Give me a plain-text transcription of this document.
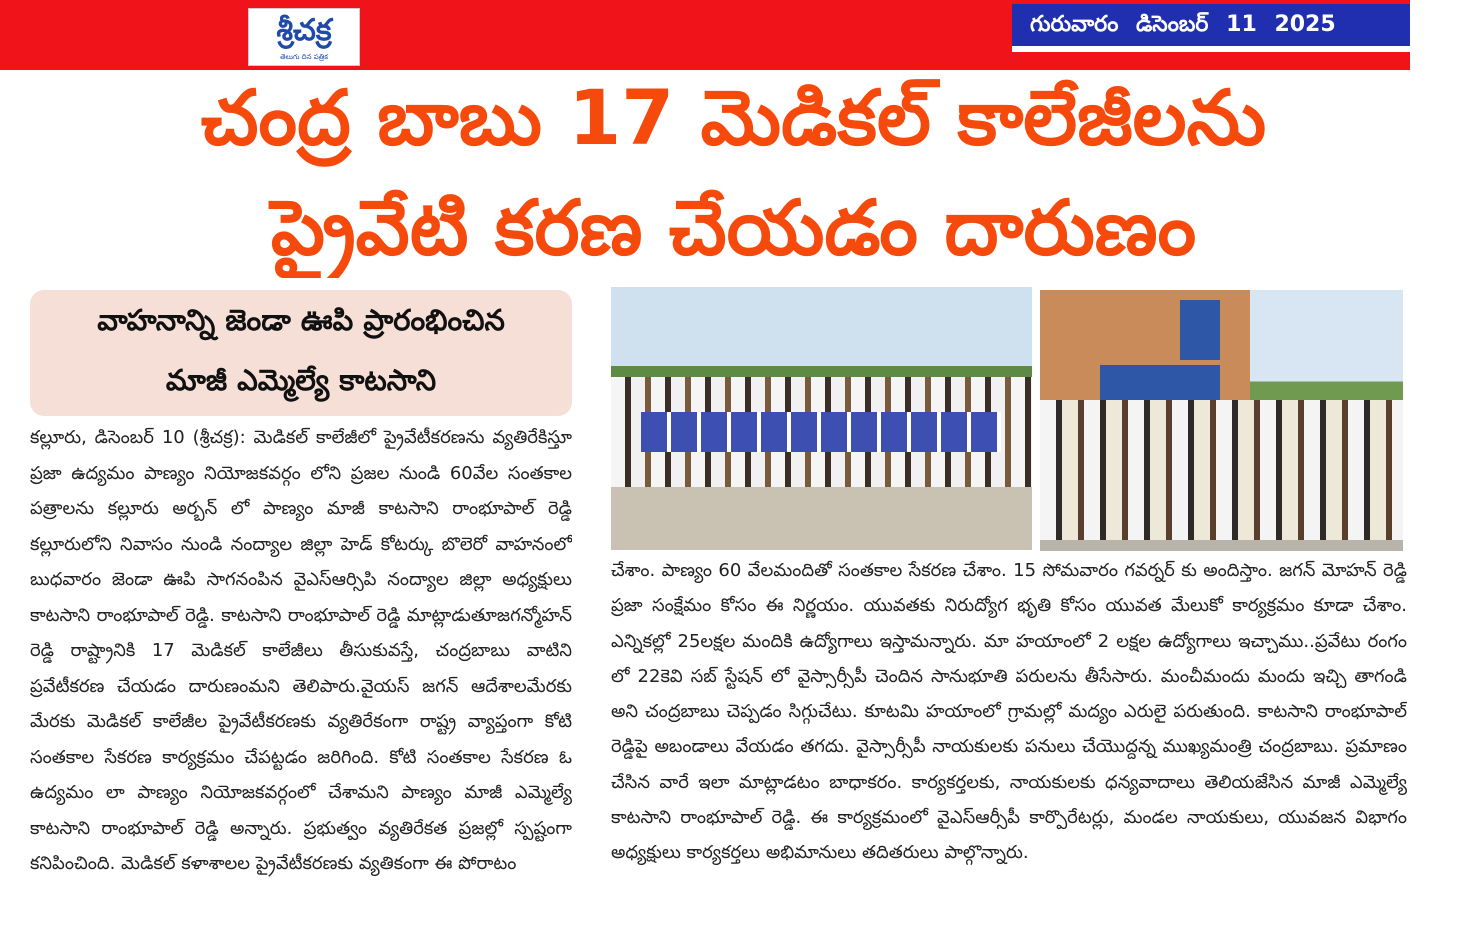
శ్రీచక్ర
తెలుగు దిన పత్రిక
గురువారం డిసెంబర్ 11 2025
చంద్ర బాబు 17 మెడికల్ కాలేజీలను
ప్రైవేటి కరణ చేయడం దారుణం
వాహనాన్ని జెండా ఊపి ప్రారంభించిన
మాజీ ఎమ్మెల్యే కాటసాని

కల్లూరు, డిసెంబర్ 10 (శ్రీచక్ర): మెడికల్ కాలేజీలో ప్రైవేటీకరణను వ్యతిరేకిస్తూ ప్రజా ఉద్యమం పాణ్యం నియోజకవర్గం లోని ప్రజల నుండి 60వేల సంతకాల పత్రాలను కల్లూరు అర్బన్ లో పాణ్యం మాజీ కాటసాని రాంభూపాల్ రెడ్డి కల్లూరులోని నివాసం నుండి నంద్యాల జిల్లా హెడ్ కోటర్కు బొలెరో వాహనంలో బుధవారం జెండా ఊపి సాగనంపిన వైఎస్ఆర్సిపి నంద్యాల జిల్లా అధ్యక్షులు కాటసాని రాంభూపాల్ రెడ్డి. కాటసాని రాంభూపాల్ రెడ్డి మాట్లాడుతూజగన్మోహన్ రెడ్డి రాష్ట్రానికి 17 మెడికల్ కాలేజీలు తీసుకువస్తే, చంద్రబాబు వాటిని ప్రవేటీకరణ చేయడం దారుణంమని తెలిపారు.వైయస్ జగన్ ఆదేశాలమేరకు మేరకు మెడికల్ కాలేజీల ప్రైవేటీకరణకు వ్యతిరేకంగా రాష్ట్ర వ్యాప్తంగా కోటి సంతకాల సేకరణ కార్యక్రమం చేపట్టడం జరిగింది. కోటి సంతకాల సేకరణ ఓ ఉద్యమం లా పాణ్యం నియోజకవర్గంలో చేశామని పాణ్యం మాజీ ఎమ్మెల్యే కాటసాని రాంభూపాల్ రెడ్డి అన్నారు. ప్రభుత్వం వ్యతిరేకత ప్రజల్లో స్పష్టంగా కనిపించింది. మెడికల్ కళాశాలల ప్రైవేటీకరణకు వ్యతికంగా ఈ పోరాటం

చేశాం. పాణ్యం 60 వేలమందితో సంతకాల సేకరణ చేశాం. 15 సోమవారం గవర్నర్ కు అందిస్తాం. జగన్ మోహన్ రెడ్డి ప్రజా సంక్షేమం కోసం ఈ నిర్ణయం. యువతకు నిరుద్యోగ భృతి కోసం యువత మేలుకో కార్యక్రమం కూడా చేశాం. ఎన్నికల్లో 25లక్షల మందికి ఉద్యోగాలు ఇస్తామన్నారు. మా హయాంలో 2 లక్షల ఉద్యోగాలు ఇచ్చాము..ప్రవేటు రంగం లో 22కెవి సబ్ స్టేషన్ లో వైస్సార్సీపీ చెందిన సానుభూతి పరులను తీసేసారు. మంచీమందు మందు ఇచ్చి తాగండి అని చంద్రబాబు చెప్పడం సిగ్గుచేటు. కూటమి హయాంలో గ్రామల్లో మద్యం ఎరులై పరుతుంది. కాటసాని రాంభూపాల్ రెడ్డిపై అబండాలు వేయడం తగదు. వైస్సార్సీపీ నాయకులకు పనులు చేయొద్దన్న ముఖ్యమంత్రి చంద్రబాబు. ప్రమాణం చేసిన వారే ఇలా మాట్లాడటం బాధాకరం. కార్యకర్తలకు, నాయకులకు ధన్యవాదాలు తెలియజేసిన మాజీ ఎమ్మెల్యే కాటసాని రాంభూపాల్ రెడ్డి. ఈ కార్యక్రమంలో వైఎస్ఆర్సీపీ కార్పొరేటర్లు, మండల నాయకులు, యువజన విభాగం అధ్యక్షులు కార్యకర్తలు అభిమానులు తదితరులు పాల్గొన్నారు.
